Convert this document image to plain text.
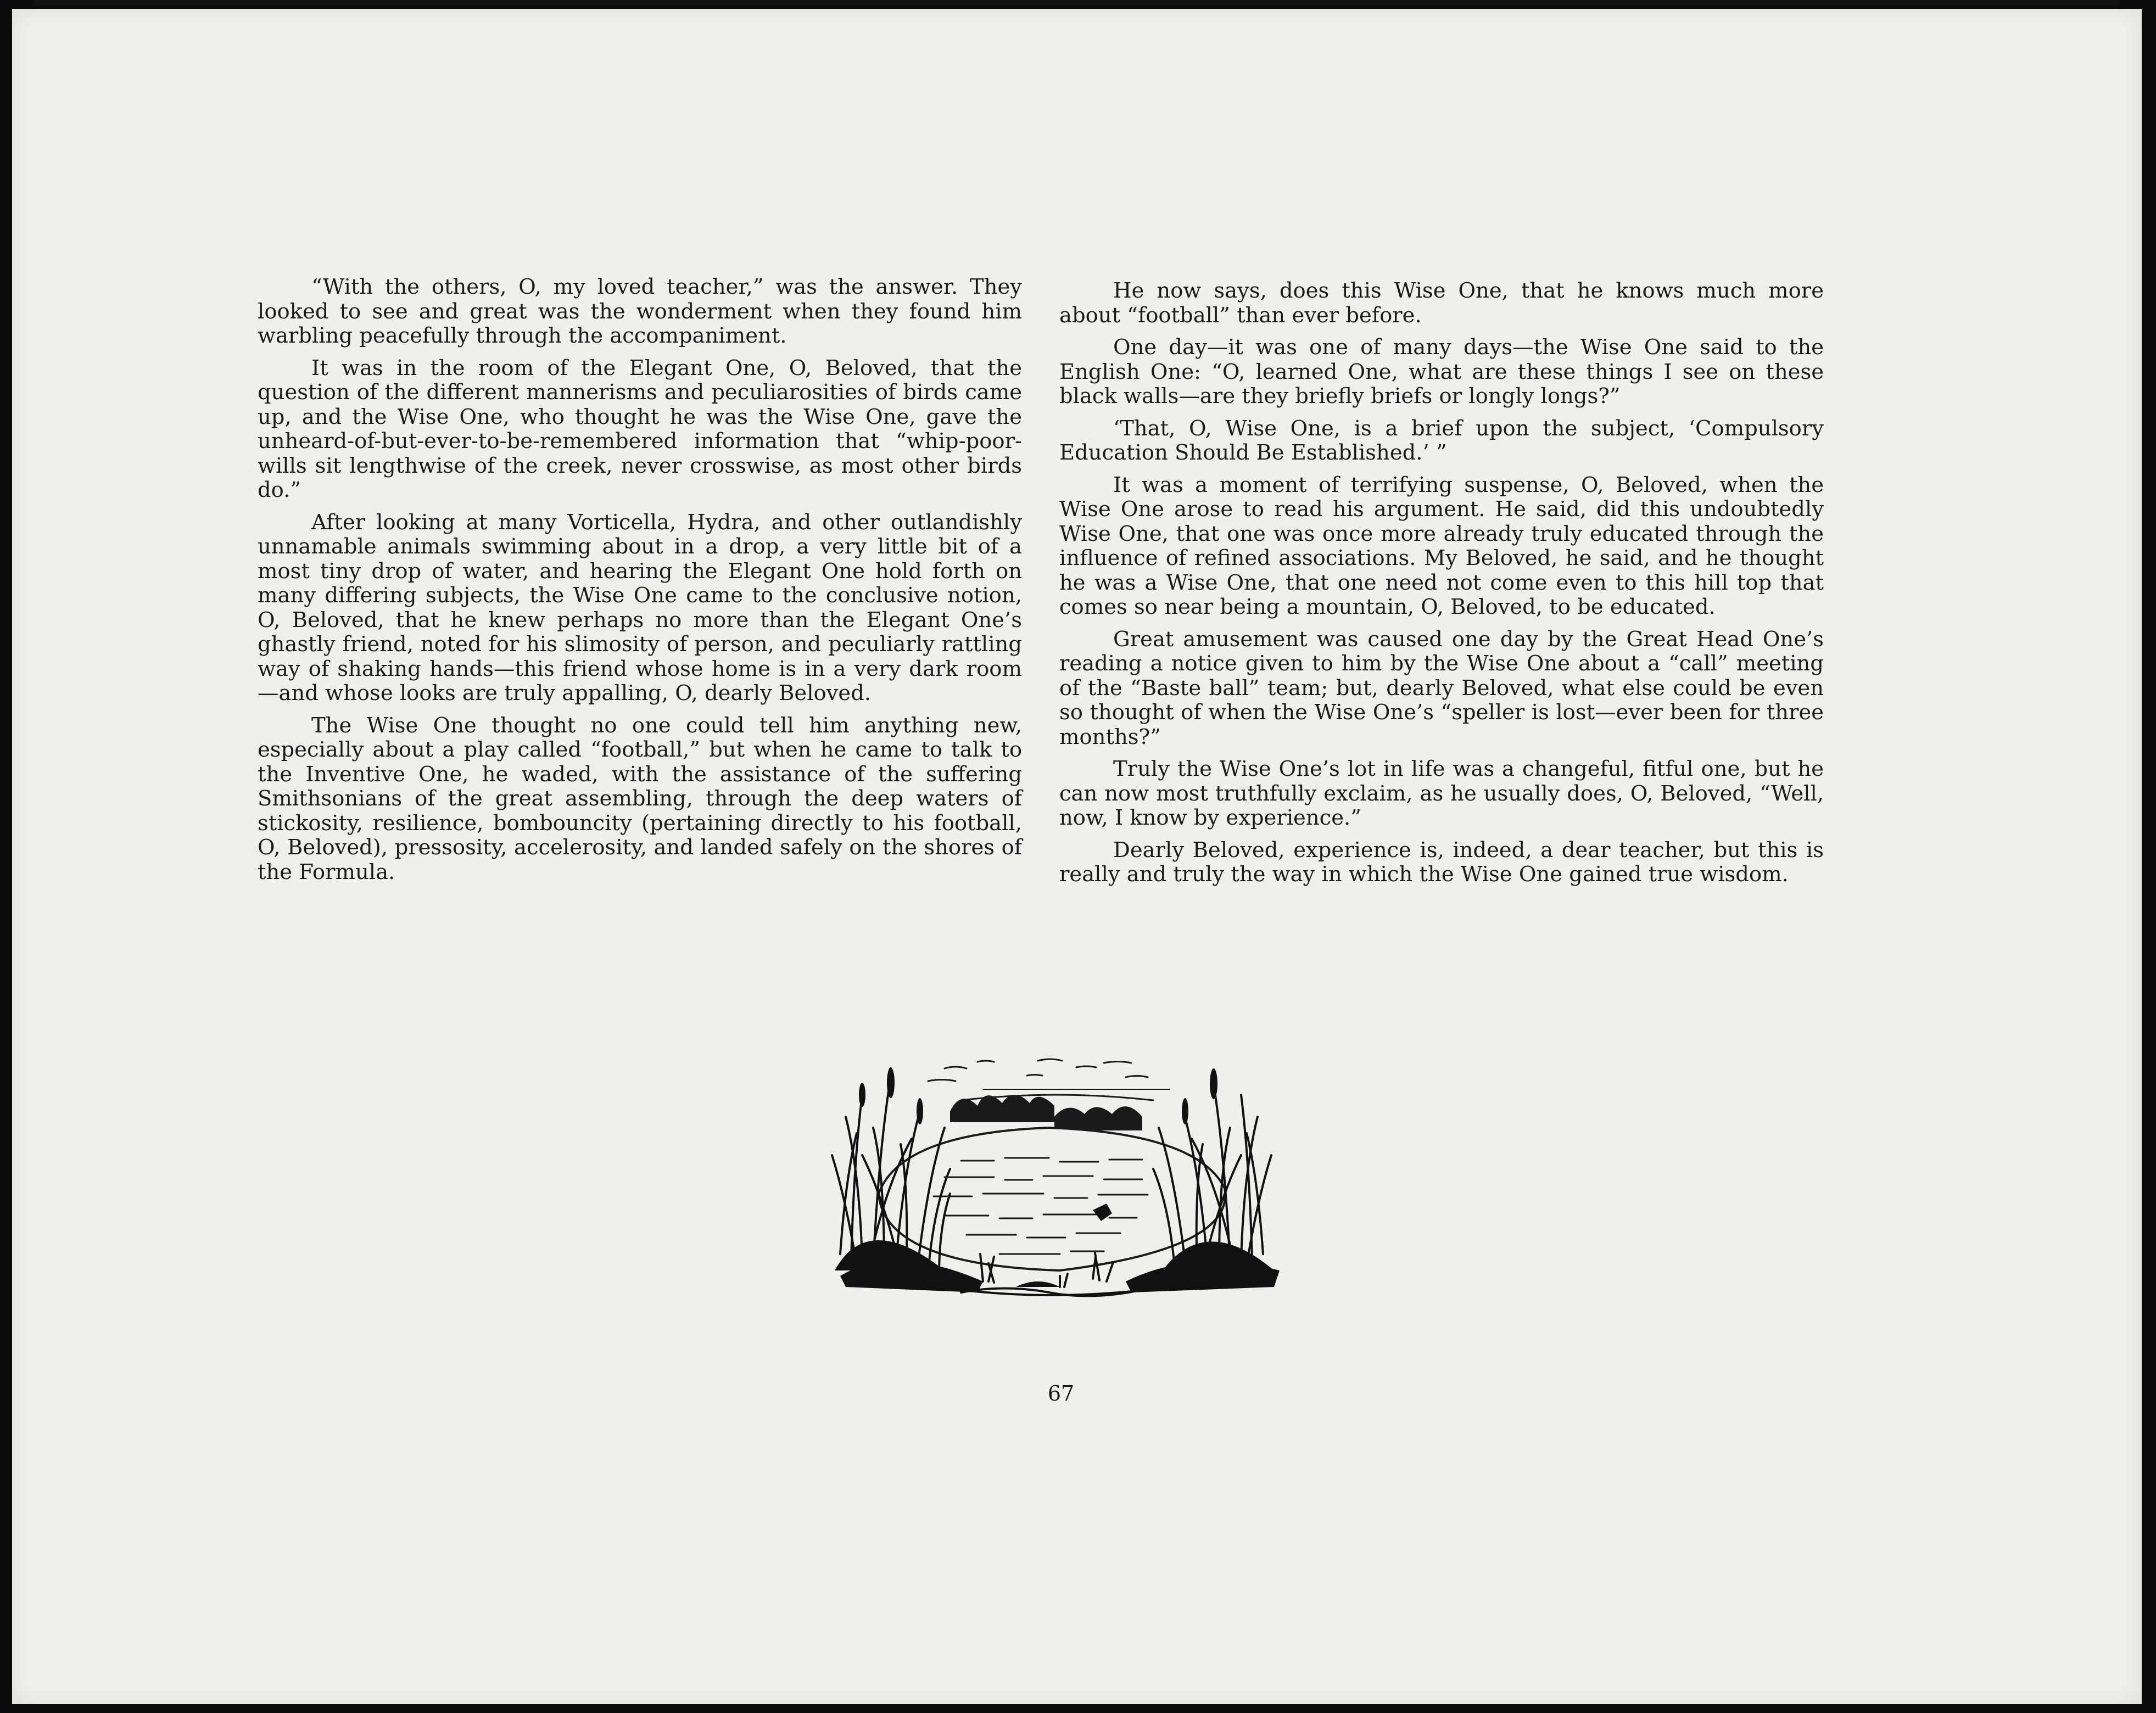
“With the others, O, my loved teacher,” was the answer. They looked to see and great was the wonderment when they found him warbling peacefully through the accompaniment.

It was in the room of the Elegant One, O, Beloved, that the question of the different mannerisms and peculiarosities of birds came up, and the Wise One, who thought he was the Wise One, gave the unheard-of-but-ever-to-be-remembered information that “whip-poor-wills sit lengthwise of the creek, never crosswise, as most other birds do.”

After looking at many Vorticella, Hydra, and other outlandishly unnamable animals swimming about in a drop, a very little bit of a most tiny drop of water, and hearing the Elegant One hold forth on many differing subjects, the Wise One came to the conclusive notion, O, Beloved, that he knew perhaps no more than the Elegant One’s ghastly friend, noted for his slimosity of person, and peculiarly rattling way of shaking hands—this friend whose home is in a very dark room—and whose looks are truly appalling, O, dearly Beloved.

The Wise One thought no one could tell him anything new, especially about a play called “football,” but when he came to talk to the Inventive One, he waded, with the assistance of the suffering Smithsonians of the great assembling, through the deep waters of stickosity, resilience, bombouncity (pertaining directly to his football, O, Beloved), pressosity, accelerosity, and landed safely on the shores of the Formula.

He now says, does this Wise One, that he knows much more about “football” than ever before.

One day—it was one of many days—the Wise One said to the English One: “O, learned One, what are these things I see on these black walls—are they briefly briefs or longly longs?”

‘That, O, Wise One, is a brief upon the subject, ‘Compulsory Education Should Be Established.’ ”

It was a moment of terrifying suspense, O, Beloved, when the Wise One arose to read his argument. He said, did this undoubtedly Wise One, that one was once more already truly educated through the influence of refined associations. My Beloved, he said, and he thought he was a Wise One, that one need not come even to this hill top that comes so near being a mountain, O, Beloved, to be educated.

Great amusement was caused one day by the Great Head One’s reading a notice given to him by the Wise One about a “call” meeting of the “Baste ball” team; but, dearly Beloved, what else could be even so thought of when the Wise One’s “speller is lost—ever been for three months?”

Truly the Wise One’s lot in life was a changeful, fitful one, but he can now most truthfully exclaim, as he usually does, O, Beloved, “Well, now, I know by experience.”

Dearly Beloved, experience is, indeed, a dear teacher, but this is really and truly the way in which the Wise One gained true wisdom.

67
